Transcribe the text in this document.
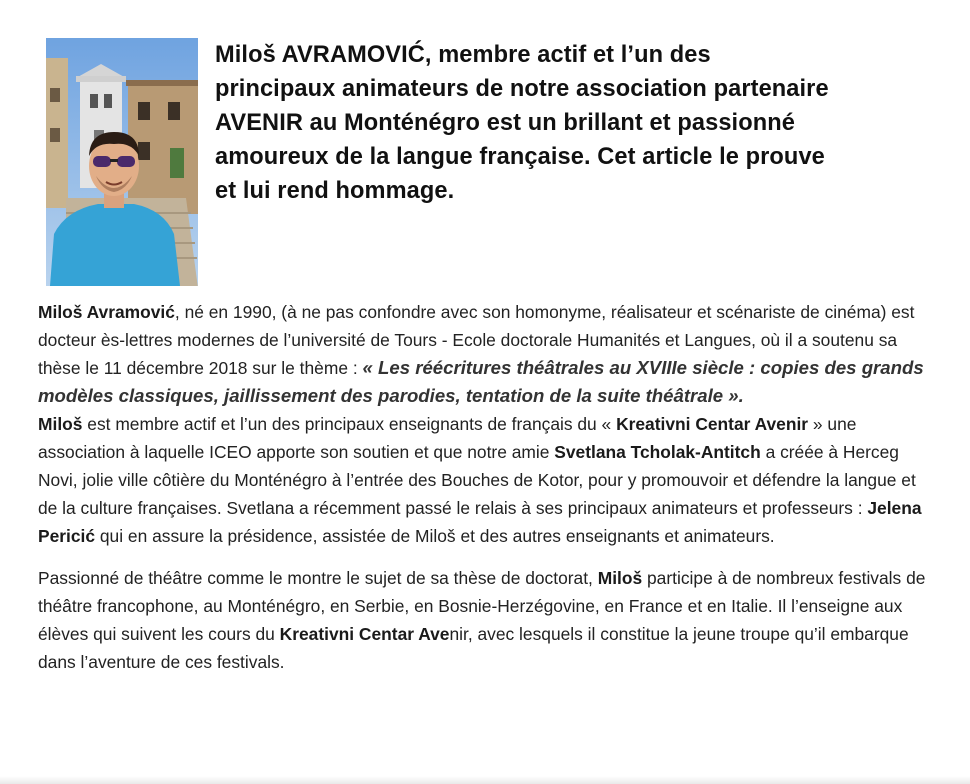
Miloš AVRAMOVIĆ, membre actif et l’un des
principaux animateurs de notre association partenaire
AVENIR au Monténégro est un brillant et passionné
amoureux de la langue française. Cet article le prouve
et lui rend hommage.

Miloš Avramović, né en 1990, (à ne pas confondre avec son homonyme, réalisateur et scénariste de cinéma) est docteur ès-lettres modernes de l’université de Tours - Ecole doctorale Humanités et Langues, où il a soutenu sa thèse le 11 décembre 2018 sur le thème : « Les réécritures théâtrales au XVIIIe siècle : copies des grands modèles classiques, jaillissement des parodies, tentation de la suite théâtrale ».

Miloš est membre actif et l’un des principaux enseignants de français du « Kreativni Centar Avenir » une association à laquelle ICEO apporte son soutien et que notre amie Svetlana Tcholak-Antitch a créée à Herceg Novi, jolie ville côtière du Monténégro à l’entrée des Bouches de Kotor, pour y promouvoir et défendre la langue et de la culture françaises. Svetlana a récemment passé le relais à ses principaux animateurs et professeurs : Jelena Pericić qui en assure la présidence, assistée de Miloš et des autres enseignants et animateurs.

Passionné de théâtre comme le montre le sujet de sa thèse de doctorat, Miloš participe à de nombreux festivals de théâtre francophone, au Monténégro, en Serbie, en Bosnie-Herzégovine, en France et en Italie. Il l’enseigne aux élèves qui suivent les cours du Kreativni Centar Avenir, avec lesquels il constitue la jeune troupe qu’il embarque dans l’aventure de ces festivals.
